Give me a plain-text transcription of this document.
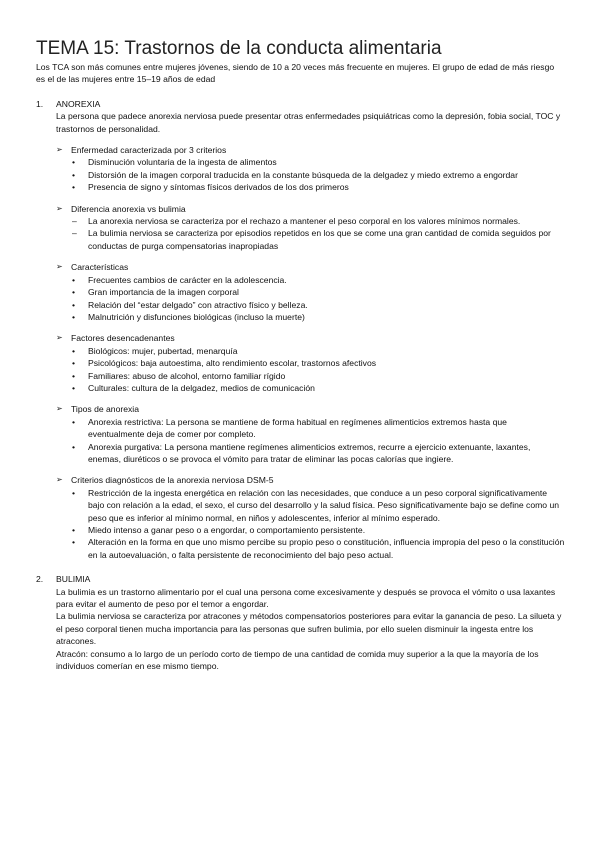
TEMA 15: Trastornos de la conducta alimentaria
Los TCA son más comunes entre mujeres jóvenes, siendo de 10 a 20 veces más frecuente en mujeres. El grupo de edad de más riesgo es el de las mujeres entre 15–19 años de edad
1.	ANOREXIA
La persona que padece anorexia nerviosa puede presentar otras enfermedades psiquiátricas como la depresión, fobia social, TOC y trastornos de personalidad.
➢ Enfermedad caracterizada por 3 criterios
•	Disminución voluntaria de la ingesta de alimentos
•	Distorsión de la imagen corporal traducida en la constante búsqueda de la delgadez y miedo extremo a engordar
•	Presencia de signo y síntomas físicos derivados de los dos primeros
➢ Diferencia anorexia vs bulimia
–	La anorexia nerviosa se caracteriza por el rechazo a mantener el peso corporal en los valores mínimos normales.
–	La bulimia nerviosa se caracteriza por episodios repetidos en los que se come una gran cantidad de comida seguidos por conductas de purga compensatorias inapropiadas
➢ Características
•	Frecuentes cambios de carácter en la adolescencia.
•	Gran importancia de la imagen corporal
•	Relación del “estar delgado” con atractivo físico y belleza.
•	Malnutrición y disfunciones biológicas (incluso la muerte)
➢ Factores desencadenantes
•	Biológicos: mujer, pubertad, menarquía
•	Psicológicos: baja autoestima, alto rendimiento escolar, trastornos afectivos
•	Familiares: abuso de alcohol, entorno familiar rígido
•	Culturales: cultura de la delgadez, medios de comunicación
➢ Tipos de anorexia
•	Anorexia restrictiva: La persona se mantiene de forma habitual en regímenes alimenticios extremos hasta que eventualmente deja de comer por completo.
•	Anorexia purgativa: La persona mantiene regímenes alimenticios extremos, recurre a ejercicio extenuante, laxantes, enemas, diuréticos o se provoca el vómito para tratar de eliminar las pocas calorías que ingiere.
➢ Criterios diagnósticos de la anorexia nerviosa DSM-5
•	Restricción de la ingesta energética en relación con las necesidades, que conduce a un peso corporal significativamente bajo con relación a la edad, el sexo, el curso del desarrollo y la salud física. Peso significativamente bajo se define como un peso que es inferior al mínimo normal, en niños y adolescentes, inferior al mínimo esperado.
•	Miedo intenso a ganar peso o a engordar, o comportamiento persistente.
•	Alteración en la forma en que uno mismo percibe su propio peso o constitución, influencia impropia del peso o la constitución en la autoevaluación, o falta persistente de reconocimiento del bajo peso actual.
2.	BULIMIA

La bulimia es un trastorno alimentario por el cual una persona come excesivamente y después se provoca el vómito o usa laxantes para evitar el aumento de peso por el temor a engordar.

La bulimia nerviosa se caracteriza por atracones y métodos compensatorios posteriores para evitar la ganancia de peso. La silueta y el peso corporal tienen mucha importancia para las personas que sufren bulimia, por ello suelen disminuir la ingesta entre los atracones.

Atracón: consumo a lo largo de un período corto de tiempo de una cantidad de comida muy superior a la que la mayoría de los individuos comerían en ese mismo tiempo.
